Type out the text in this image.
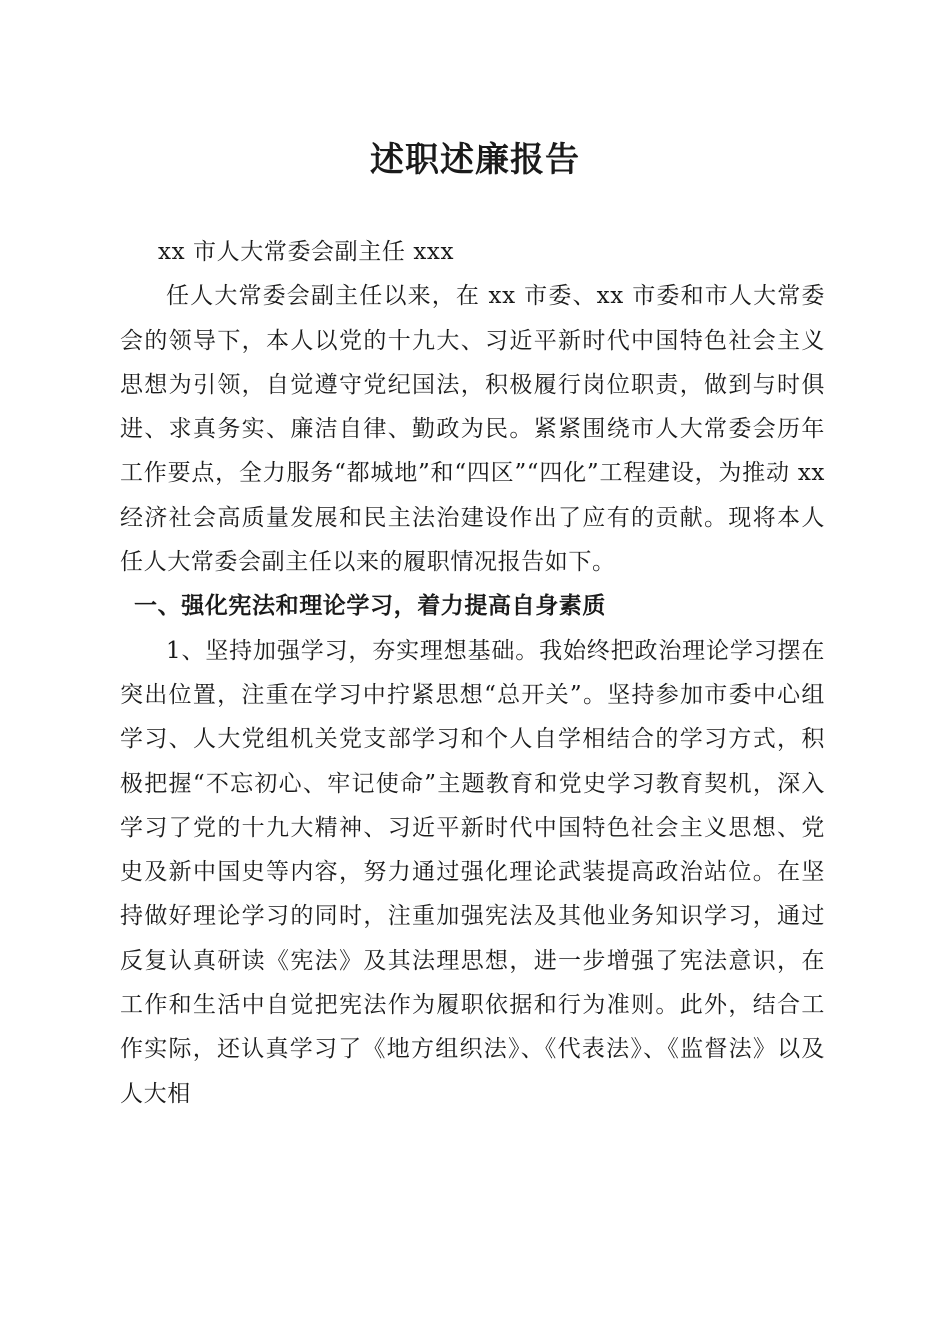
述职述廉报告

xx 市人大常委会副主任 xxx

任人大常委会副主任以来，在 xx 市委、xx 市委和市人大常委会的领导下，本人以党的十九大、习近平新时代中国特色社会主义思想为引领，自觉遵守党纪国法，积极履行岗位职责，做到与时俱进、求真务实、廉洁自律、勤政为民。紧紧围绕市人大常委会历年工作要点，全力服务“都城地”和“四区”“四化”工程建设，为推动 xx 经济社会高质量发展和民主法治建设作出了应有的贡献。现将本人任人大常委会副主任以来的履职情况报告如下。

一、强化宪法和理论学习，着力提高自身素质

1、坚持加强学习，夯实理想基础。我始终把政治理论学习摆在突出位置，注重在学习中拧紧思想“总开关”。坚持参加市委中心组学习、人大党组机关党支部学习和个人自学相结合的学习方式，积极把握“不忘初心、牢记使命”主题教育和党史学习教育契机，深入学习了党的十九大精神、习近平新时代中国特色社会主义思想、党史及新中国史等内容，努力通过强化理论武装提高政治站位。在坚持做好理论学习的同时，注重加强宪法及其他业务知识学习，通过反复认真研读《宪法》及其法理思想，进一步增强了宪法意识，在工作和生活中自觉把宪法作为履职依据和行为准则。此外，结合工作实际，还认真学习了《地方组织法》、《代表法》、《监督法》以及人大相
